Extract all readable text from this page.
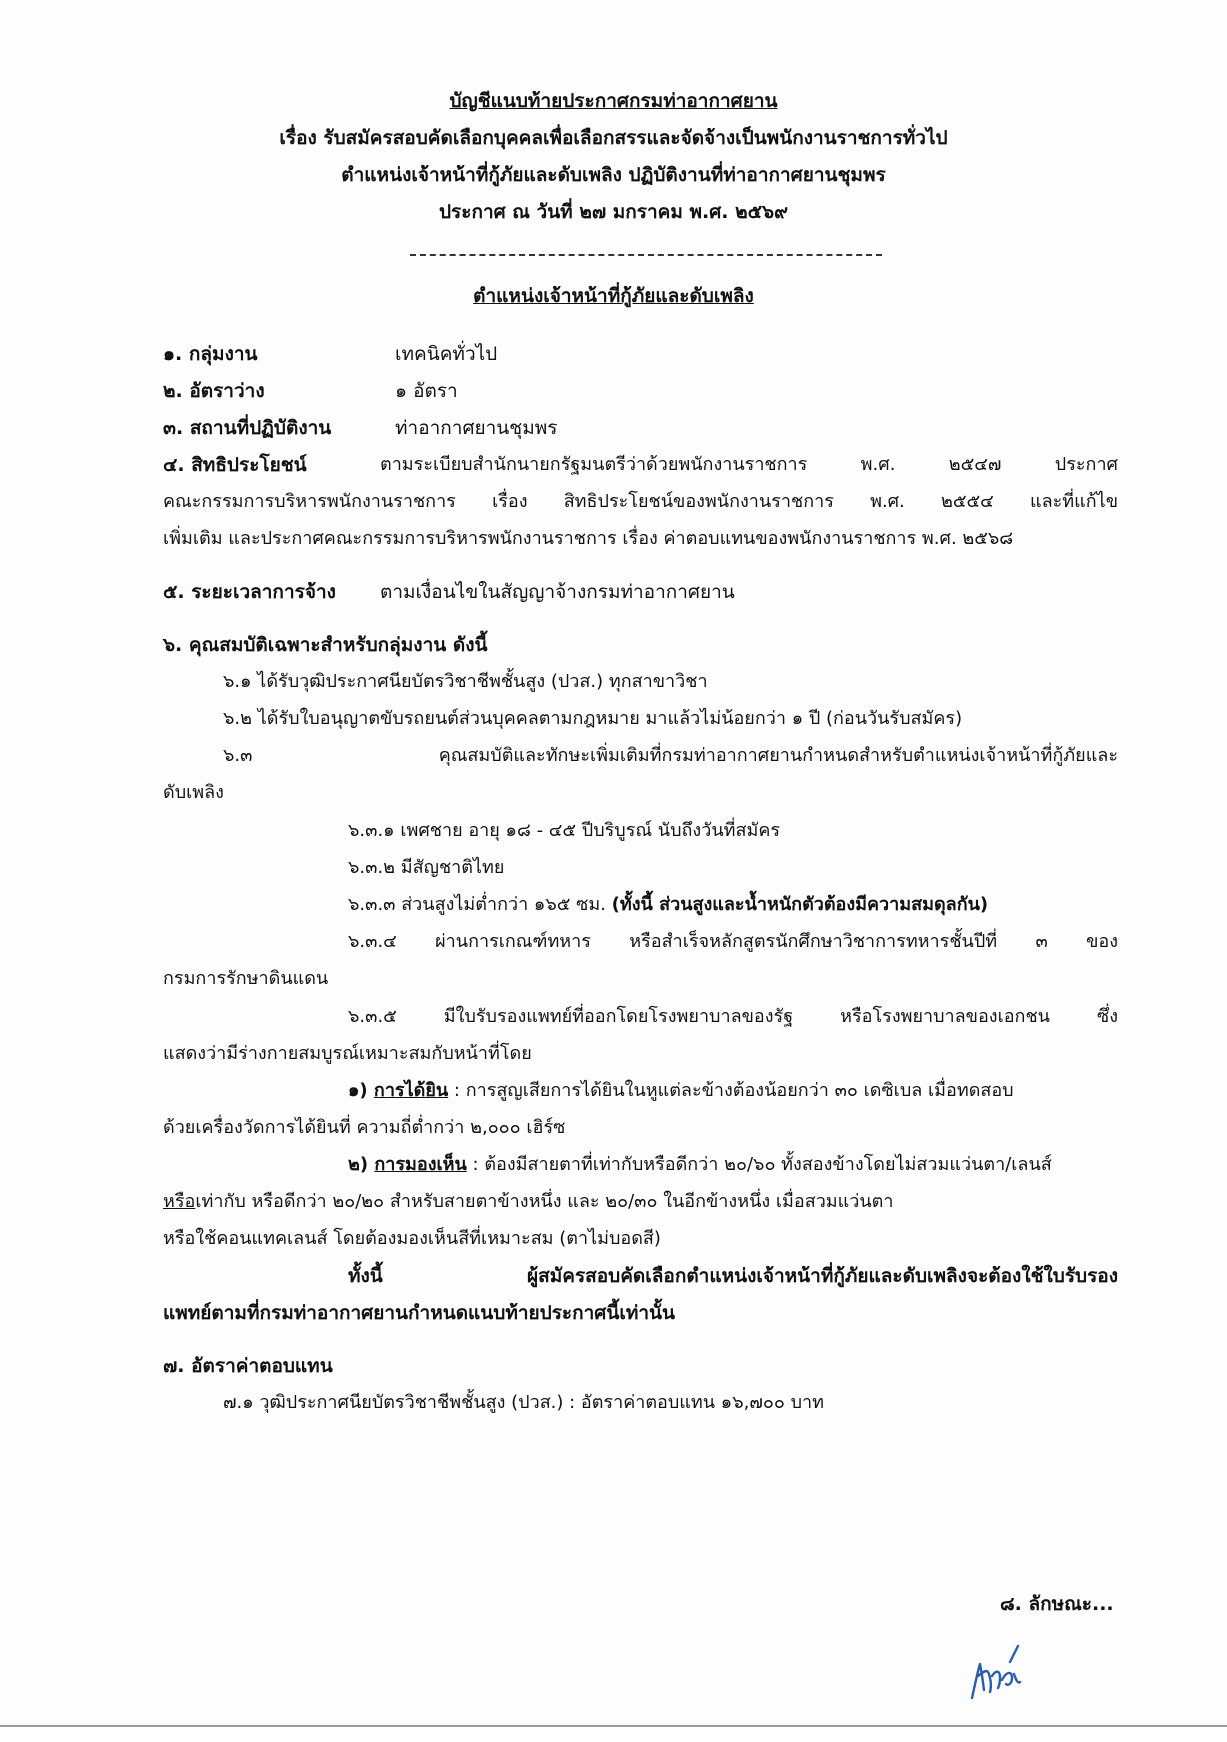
บัญชีแนบท้ายประกาศกรมท่าอากาศยาน
เรื่อง รับสมัครสอบคัดเลือกบุคคลเพื่อเลือกสรรและจัดจ้างเป็นพนักงานราชการทั่วไป
ตำแหน่งเจ้าหน้าที่กู้ภัยและดับเพลิง ปฏิบัติงานที่ท่าอากาศยานชุมพร
ประกาศ ณ วันที่ ๒๗ มกราคม พ.ศ. ๒๕๖๙
ตำแหน่งเจ้าหน้าที่กู้ภัยและดับเพลิง
๑. กลุ่มงาน	เทคนิคทั่วไป
๒. อัตราว่าง	๑ อัตรา
๓. สถานที่ปฏิบัติงาน	ท่าอากาศยานชุมพร
๔. สิทธิประโยชน์	ตามระเบียบสำนักนายกรัฐมนตรีว่าด้วยพนักงานราชการ พ.ศ. ๒๕๔๗ ประกาศ
คณะกรรมการบริหารพนักงานราชการ เรื่อง สิทธิประโยชน์ของพนักงานราชการ พ.ศ. ๒๕๕๔ และที่แก้ไข
เพิ่มเติม และประกาศคณะกรรมการบริหารพนักงานราชการ เรื่อง ค่าตอบแทนของพนักงานราชการ พ.ศ. ๒๕๖๘
๕. ระยะเวลาการจ้าง ตามเงื่อนไขในสัญญาจ้างกรมท่าอากาศยาน
๖. คุณสมบัติเฉพาะสำหรับกลุ่มงาน ดังนี้
๖.๑ ได้รับวุฒิประกาศนียบัตรวิชาชีพชั้นสูง (ปวส.) ทุกสาขาวิชา
๖.๒ ได้รับใบอนุญาตขับรถยนต์ส่วนบุคคลตามกฎหมาย มาแล้วไม่น้อยกว่า ๑ ปี (ก่อนวันรับสมัคร)
๖.๓ คุณสมบัติและทักษะเพิ่มเติมที่กรมท่าอากาศยานกำหนดสำหรับตำแหน่งเจ้าหน้าที่กู้ภัยและ
ดับเพลิง
๖.๓.๑ เพศชาย อายุ ๑๘ - ๔๕ ปีบริบูรณ์ นับถึงวันที่สมัคร
๖.๓.๒ มีสัญชาติไทย
๖.๓.๓ ส่วนสูงไม่ต่ำกว่า ๑๖๕ ซม. (ทั้งนี้ ส่วนสูงและน้ำหนักตัวต้องมีความสมดุลกัน)
๖.๓.๔ ผ่านการเกณฑ์ทหาร หรือสำเร็จหลักสูตรนักศึกษาวิชาการทหารชั้นปีที่ ๓ ของ
กรมการรักษาดินแดน
๖.๓.๕ มีใบรับรองแพทย์ที่ออกโดยโรงพยาบาลของรัฐ หรือโรงพยาบาลของเอกชน ซึ่ง
แสดงว่ามีร่างกายสมบูรณ์เหมาะสมกับหน้าที่โดย
๑) การได้ยิน : การสูญเสียการได้ยินในหูแต่ละข้างต้องน้อยกว่า ๓๐ เดซิเบล เมื่อทดสอบ
ด้วยเครื่องวัดการได้ยินที่ ความถี่ต่ำกว่า ๒,๐๐๐ เฮิร์ซ
๒) การมองเห็น : ต้องมีสายตาที่เท่ากับหรือดีกว่า ๒๐/๖๐ ทั้งสองข้างโดยไม่สวมแว่นตา/เลนส์
หรือเท่ากับ หรือดีกว่า ๒๐/๒๐ สำหรับสายตาข้างหนึ่ง และ ๒๐/๓๐ ในอีกข้างหนึ่ง เมื่อสวมแว่นตา
หรือใช้คอนแทคเลนส์ โดยต้องมองเห็นสีที่เหมาะสม (ตาไม่บอดสี)
ทั้งนี้ ผู้สมัครสอบคัดเลือกตำแหน่งเจ้าหน้าที่กู้ภัยและดับเพลิงจะต้องใช้ใบรับรอง
แพทย์ตามที่กรมท่าอากาศยานกำหนดแนบท้ายประกาศนี้เท่านั้น
๗. อัตราค่าตอบแทน
๗.๑ วุฒิประกาศนียบัตรวิชาชีพชั้นสูง (ปวส.) : อัตราค่าตอบแทน ๑๖,๗๐๐ บาท
๘. ลักษณะ...
